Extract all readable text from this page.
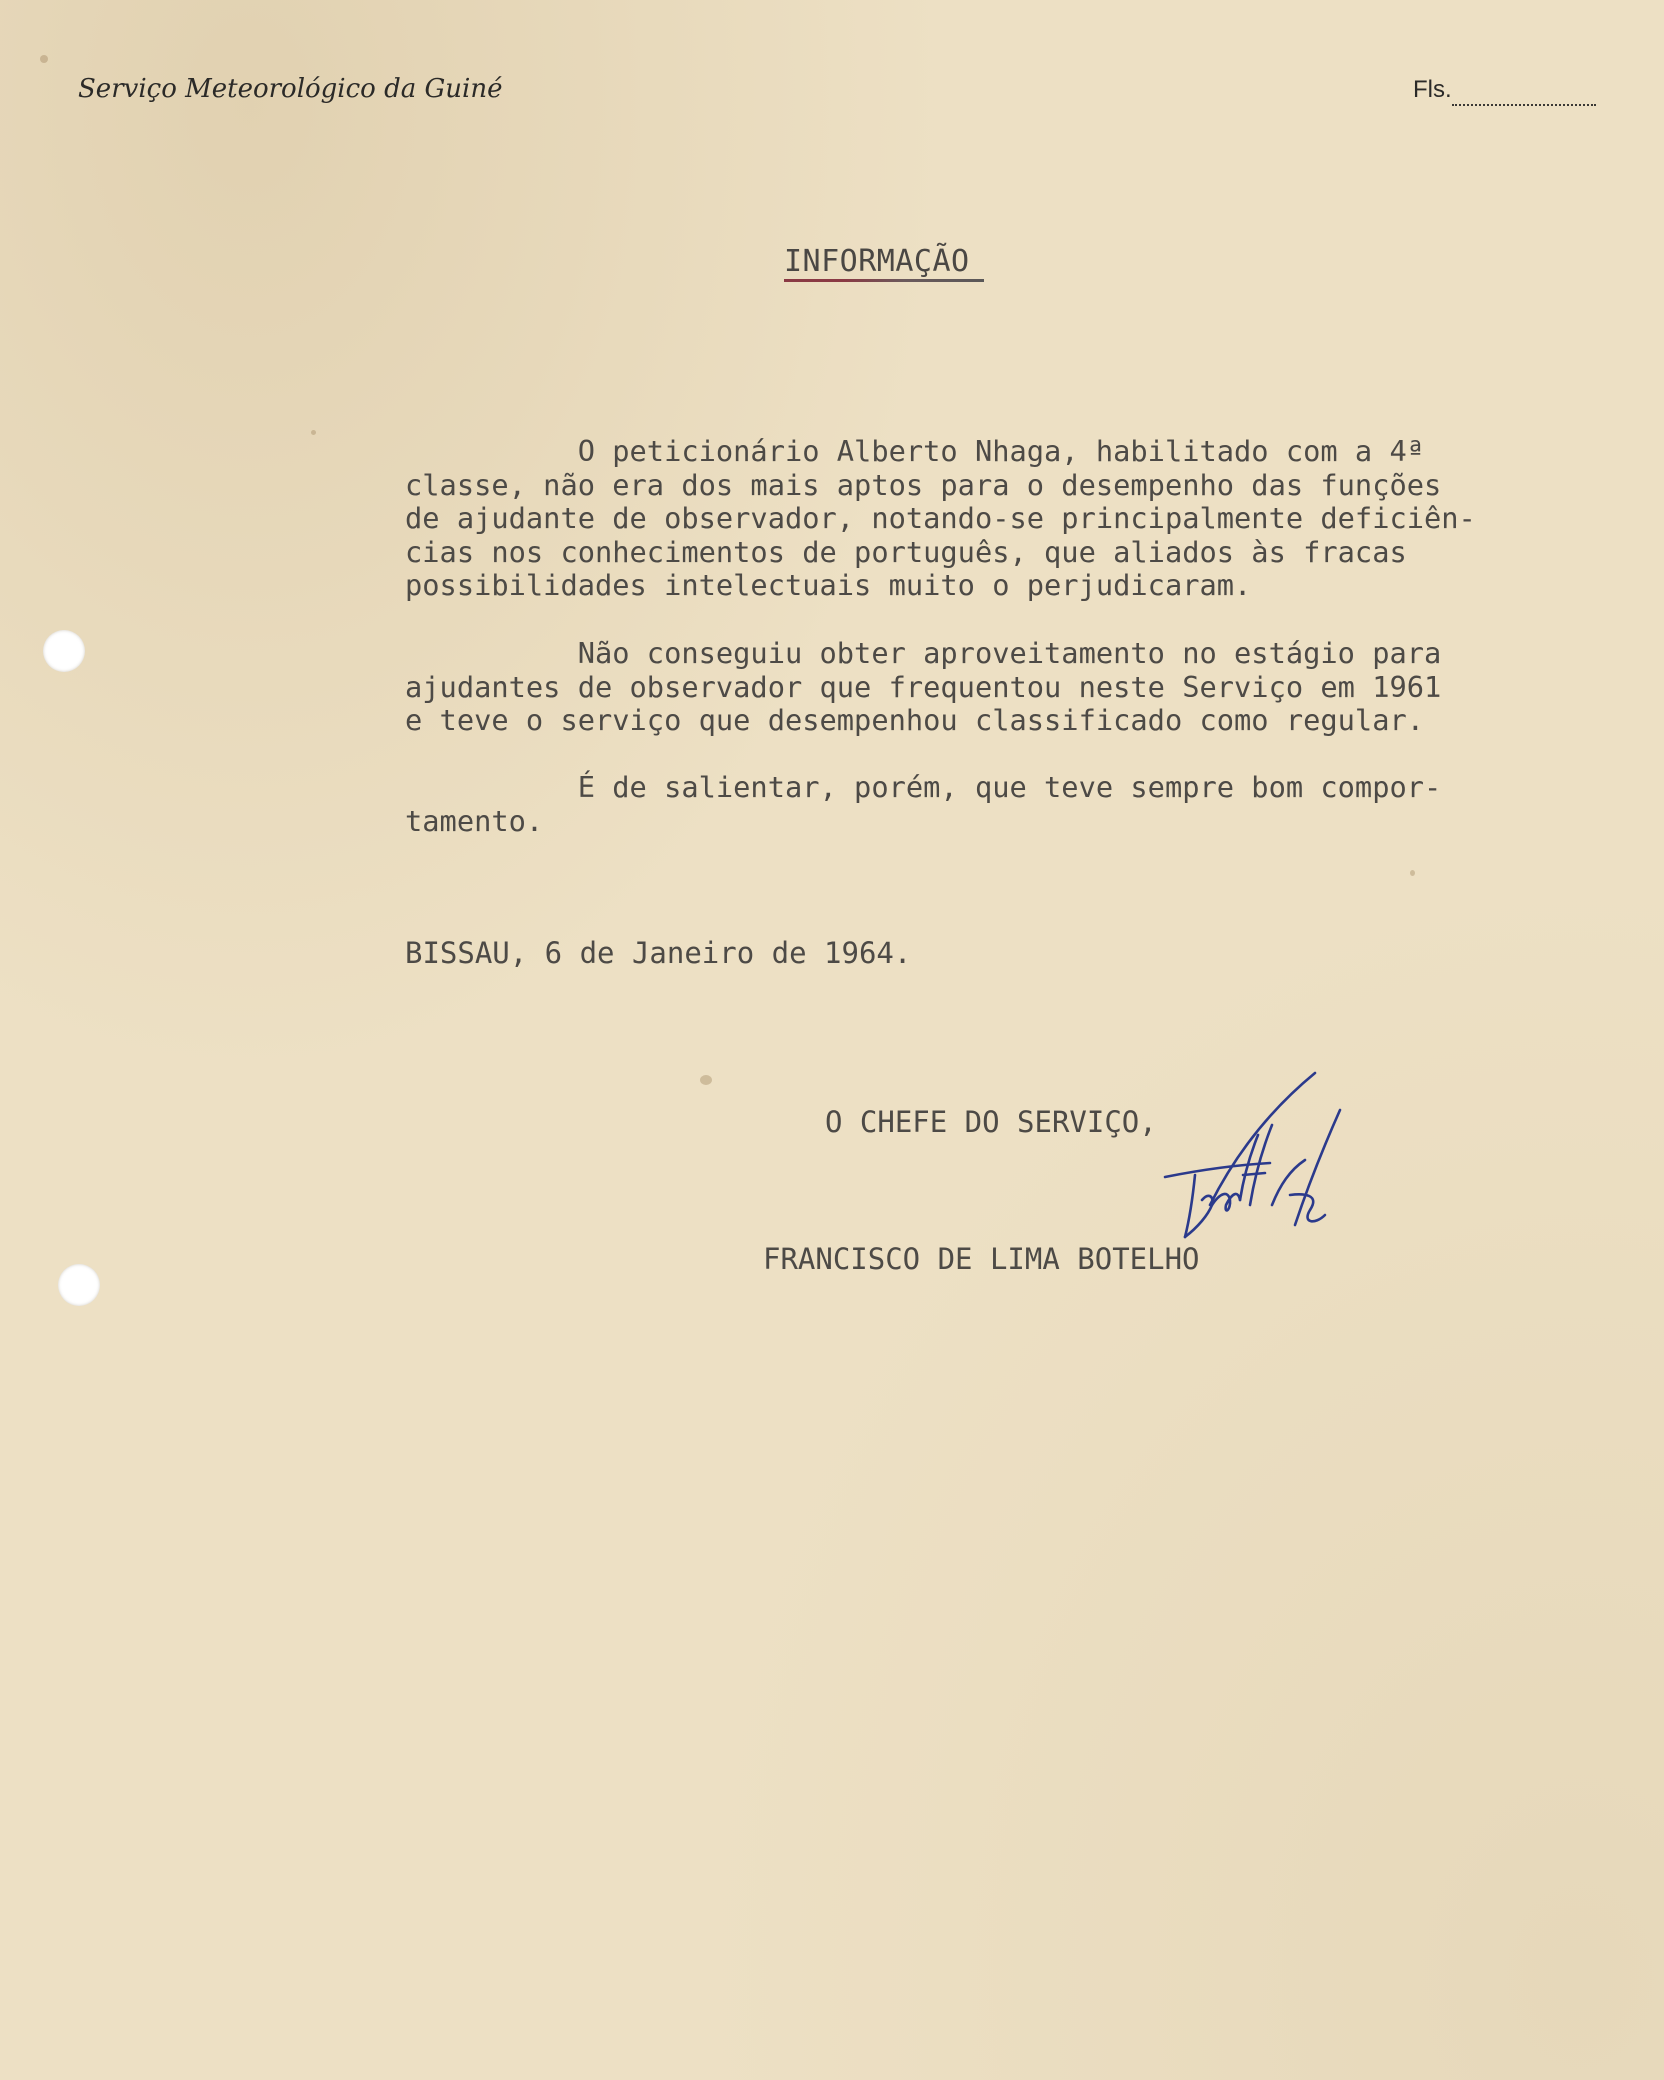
Serviço Meteorológico da Guiné	Fls.
INFORMAÇÃO
O peticionário Alberto Nhaga, habilitado com a 4ª
classe, não era dos mais aptos para o desempenho das funções
de ajudante de observador, notando-se principalmente deficiên-
cias nos conhecimentos de português, que aliados às fracas
possibilidades intelectuais muito o perjudicaram.
Não conseguiu obter aproveitamento no estágio para
ajudantes de observador que frequentou neste Serviço em 1961
e teve o serviço que desempenhou classificado como regular.
É de salientar, porém, que teve sempre bom compor-
tamento.
BISSAU, 6 de Janeiro de 1964.
O CHEFE DO SERVIÇO,
FRANCISCO DE LIMA BOTELHO
